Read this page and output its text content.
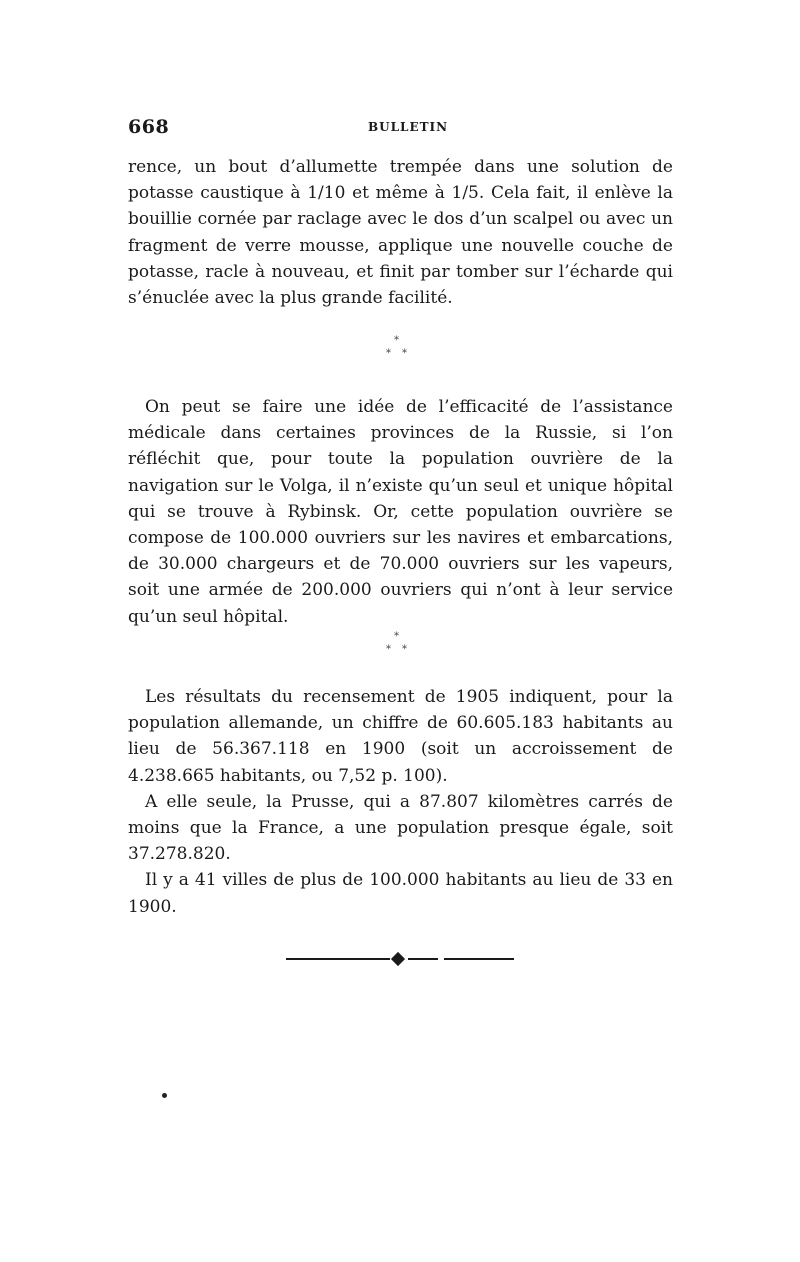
668	BULLETIN

rence, un bout d’allumette trempée dans une solution de potasse caustique à 1/10 et même à 1/5. Cela fait, il enlève la bouillie cornée par raclage avec le dos d’un scalpel ou avec un fragment de verre mousse, applique une nouvelle couche de potasse, racle à nouveau, et finit par tomber sur l’écharde qui s’énuclée avec la plus grande facilité.

*
* *

On peut se faire une idée de l’efficacité de l’assistance médicale dans certaines provinces de la Russie, si l’on réfléchit que, pour toute la population ouvrière de la navigation sur le Volga, il n’existe qu’un seul et unique hôpital qui se trouve à Rybinsk. Or, cette population ouvrière se compose de 100.000 ouvriers sur les navires et embarcations, de 30.000 chargeurs et de 70.000 ouvriers sur les vapeurs, soit une armée de 200.000 ouvriers qui n’ont à leur service qu’un seul hôpital.

*
* *

Les résultats du recensement de 1905 indiquent, pour la population allemande, un chiffre de 60.605.183 habitants au lieu de 56.367.118 en 1900 (soit un accroissement de 4.238.665 habitants, ou 7,52 p. 100).

A elle seule, la Prusse, qui a 87.807 kilomètres carrés de moins que la France, a une population presque égale, soit 37.278.820.

Il y a 41 villes de plus de 100.000 habitants au lieu de 33 en 1900.
